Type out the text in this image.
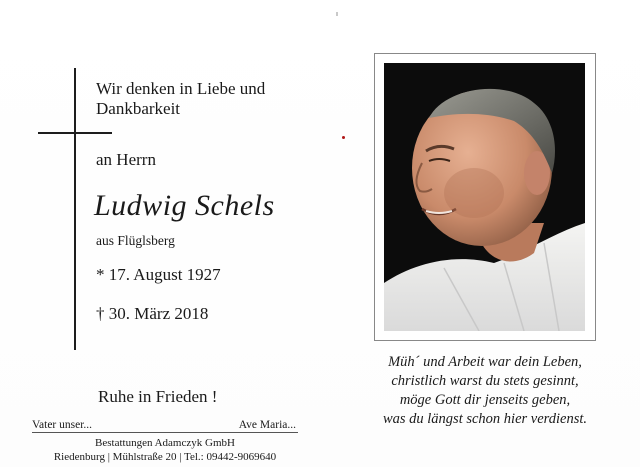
Wir denken in Liebe und
Dankbarkeit
an Herrn
Ludwig Schels
aus Flüglsberg
* 17. August 1927
† 30. März 2018
Ruhe in Frieden !
Vater unser...	Ave Maria...
Bestattungen Adamczyk GmbH
Riedenburg | Mühlstraße 20 | Tel.: 09442-9069640
Müh´ und Arbeit war dein Leben,
christlich warst du stets gesinnt,
möge Gott dir jenseits geben,
was du längst schon hier verdienst.
